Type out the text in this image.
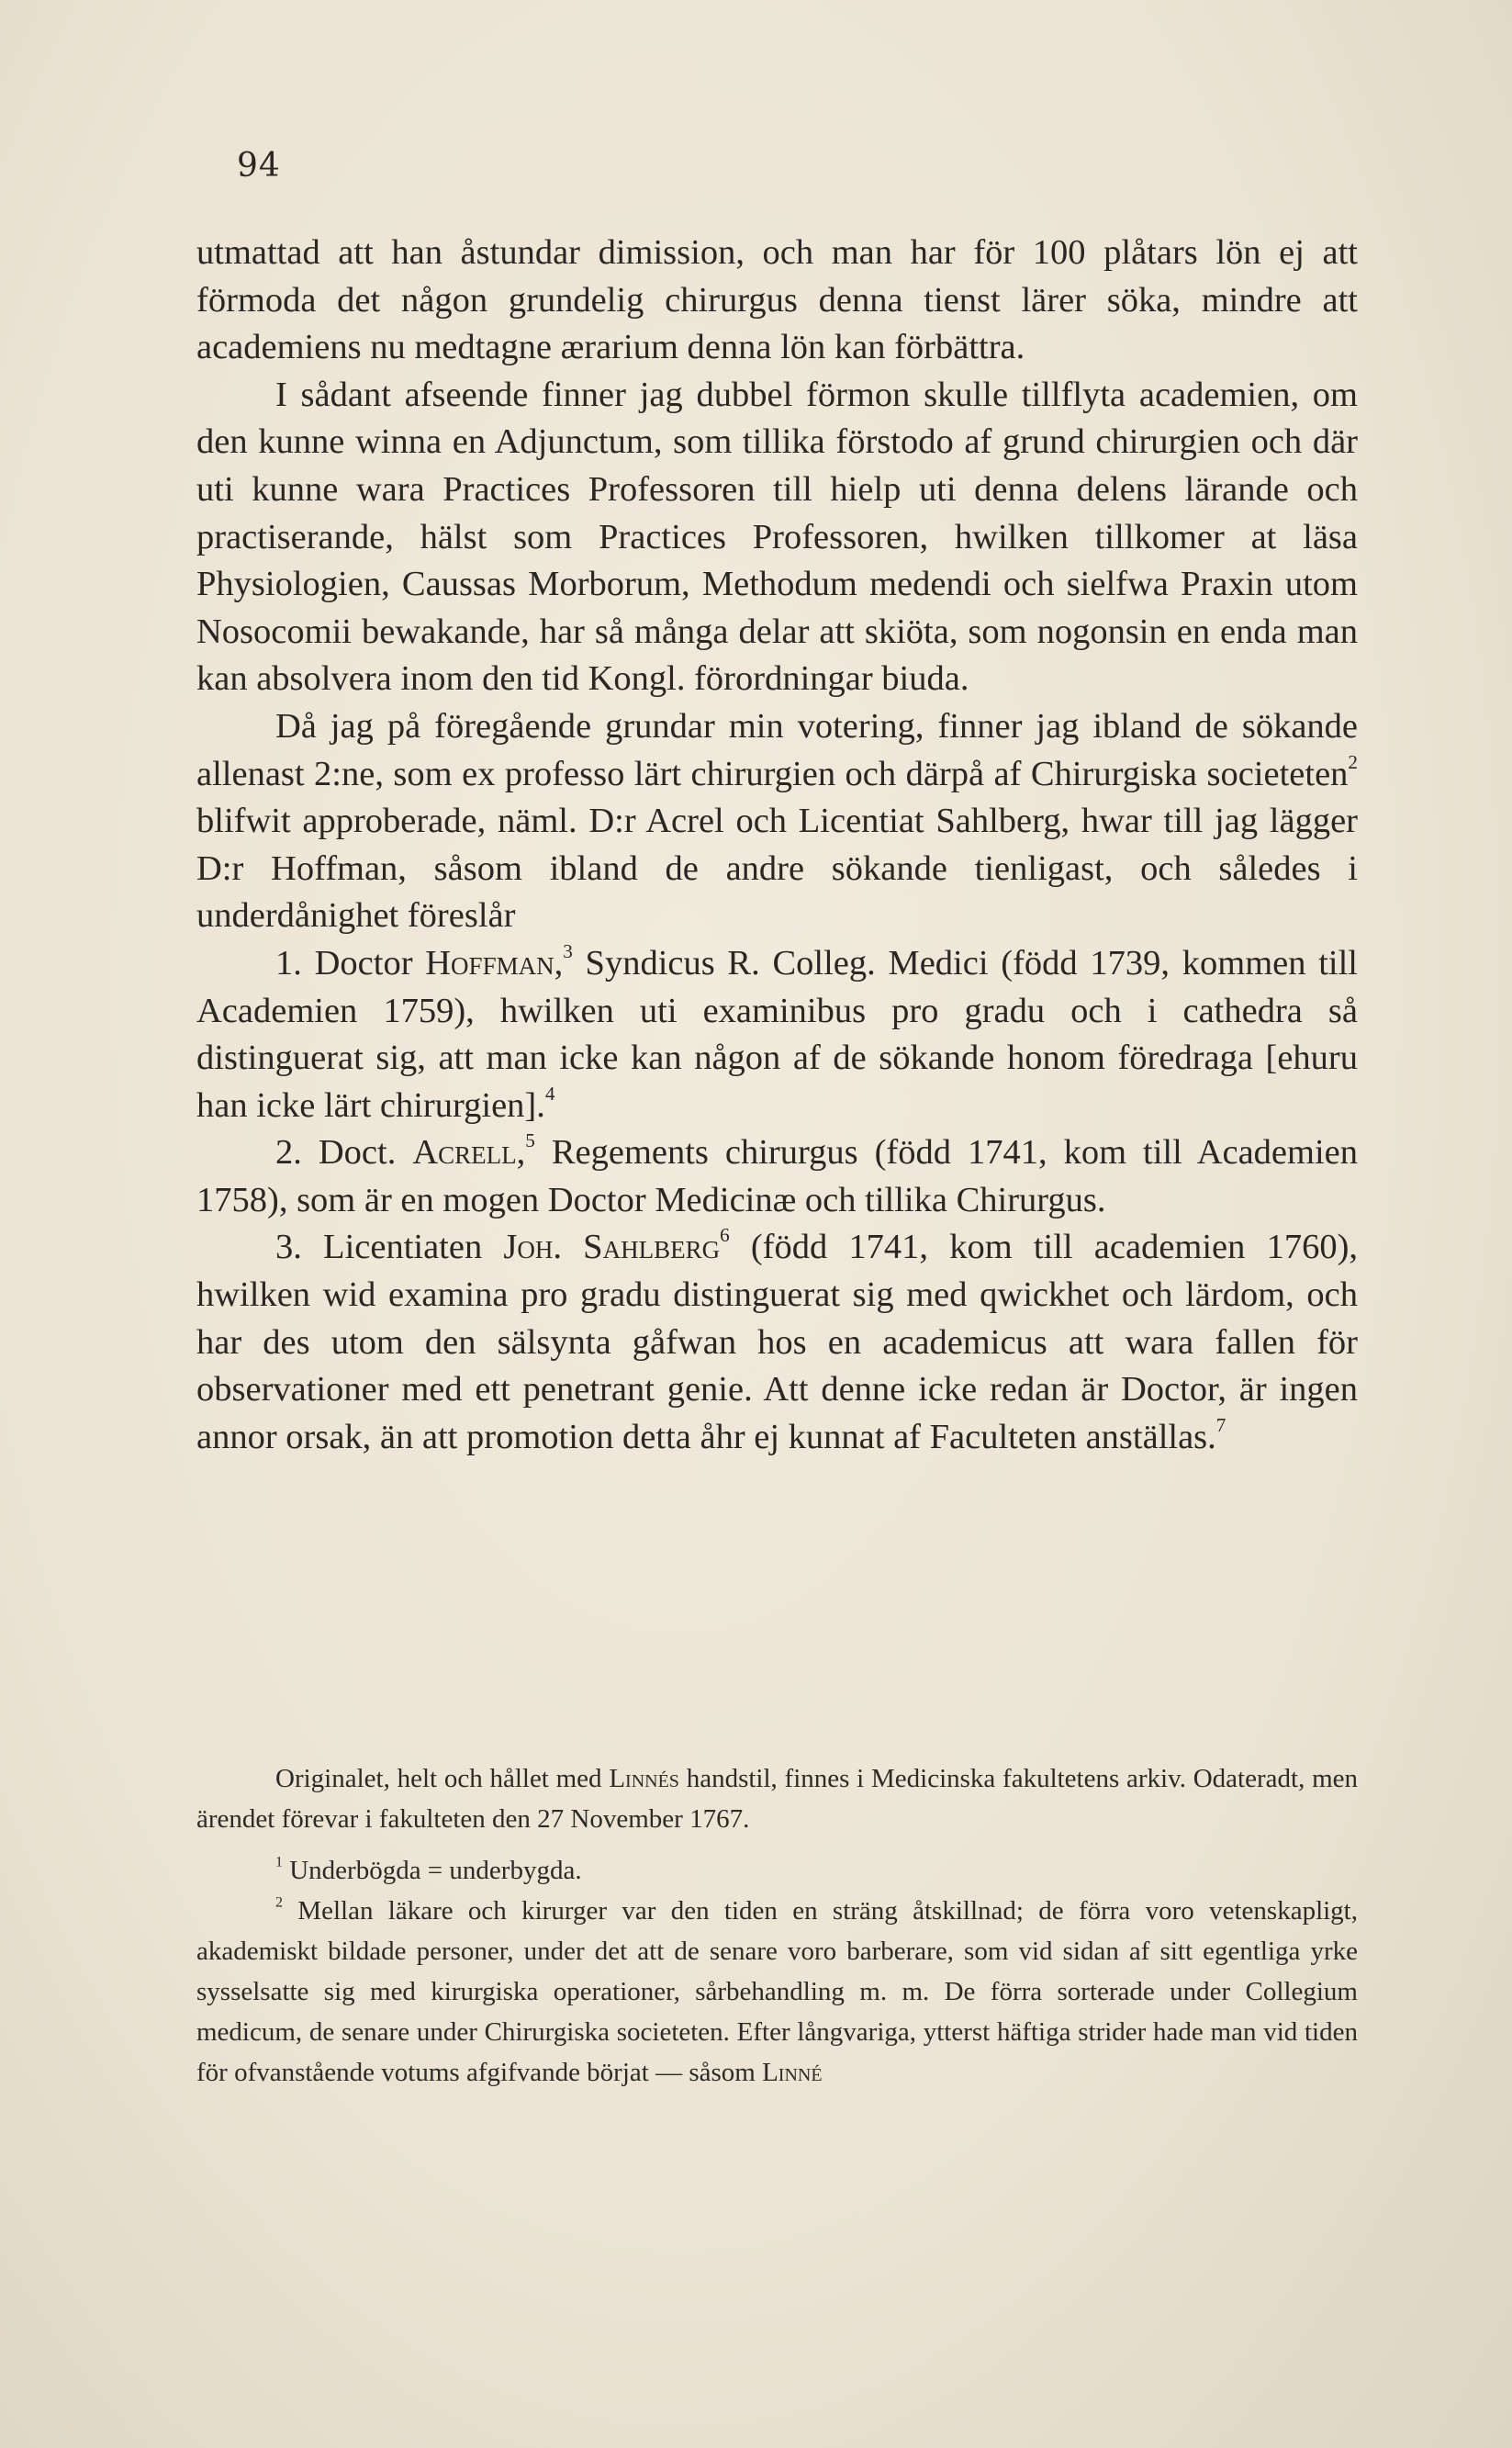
94

utmattad att han åstundar dimission, och man har för 100 plåtars lön ej att förmoda det någon grundelig chirurgus denna tienst lärer söka, mindre att academiens nu medtagne ærarium denna lön kan förbättra.

I sådant afseende finner jag dubbel förmon skulle tillflyta academien, om den kunne winna en Adjunctum, som tillika förstodo af grund chirurgien och där uti kunne wara Practices Professoren till hielp uti denna delens lärande och practiserande, hälst som Practices Professoren, hwilken tillkomer at läsa Physiologien, Caussas Morborum, Methodum medendi och sielfwa Praxin utom Nosocomii bewakande, har så många delar att skiöta, som nogonsin en enda man kan absolvera inom den tid Kongl. förordningar biuda.

Då jag på föregående grundar min votering, finner jag ibland de sökande allenast 2:ne, som ex professo lärt chirurgien och därpå af Chirurgiska societeten$^2$ blifwit approberade, näml. D:r Acrel och Licentiat Sahlberg, hwar till jag lägger D:r Hoffman, såsom ibland de andre sökande tienligast, och således i underdånighet föreslår

1. Doctor Hoffman,$^3$ Syndicus R. Colleg. Medici (född 1739, kommen till Academien 1759), hwilken uti examinibus pro gradu och i cathedra så distinguerat sig, att man icke kan någon af de sökande honom föredraga [ehuru han icke lärt chirurgien].$^4$

2. Doct. Acrell,$^5$ Regements chirurgus (född 1741, kom till Academien 1758), som är en mogen Doctor Medicinæ och tillika Chirurgus.

3. Licentiaten Joh. Sahlberg$^6$ (född 1741, kom till academien 1760), hwilken wid examina pro gradu distinguerat sig med qwickhet och lärdom, och har des utom den sälsynta gåfwan hos en academicus att wara fallen för observationer med ett penetrant genie. Att denne icke redan är Doctor, är ingen annor orsak, än att promotion detta åhr ej kunnat af Faculteten anställas.$^7$

Originalet, helt och hållet med Linnés handstil, finnes i Medicinska fakultetens arkiv. Odateradt, men ärendet förevar i fakulteten den 27 November 1767.

$^1$ Underbögda = underbygda.

$^2$ Mellan läkare och kirurger var den tiden en sträng åtskillnad; de förra voro vetenskapligt, akademiskt bildade personer, under det att de senare voro barberare, som vid sidan af sitt egentliga yrke sysselsatte sig med kirurgiska operationer, sårbehandling m. m. De förra sorterade under Collegium medicum, de senare under Chirurgiska societeten. Efter långvariga, ytterst häftiga strider hade man vid tiden för ofvanstående votums afgifvande börjat — såsom Linné
